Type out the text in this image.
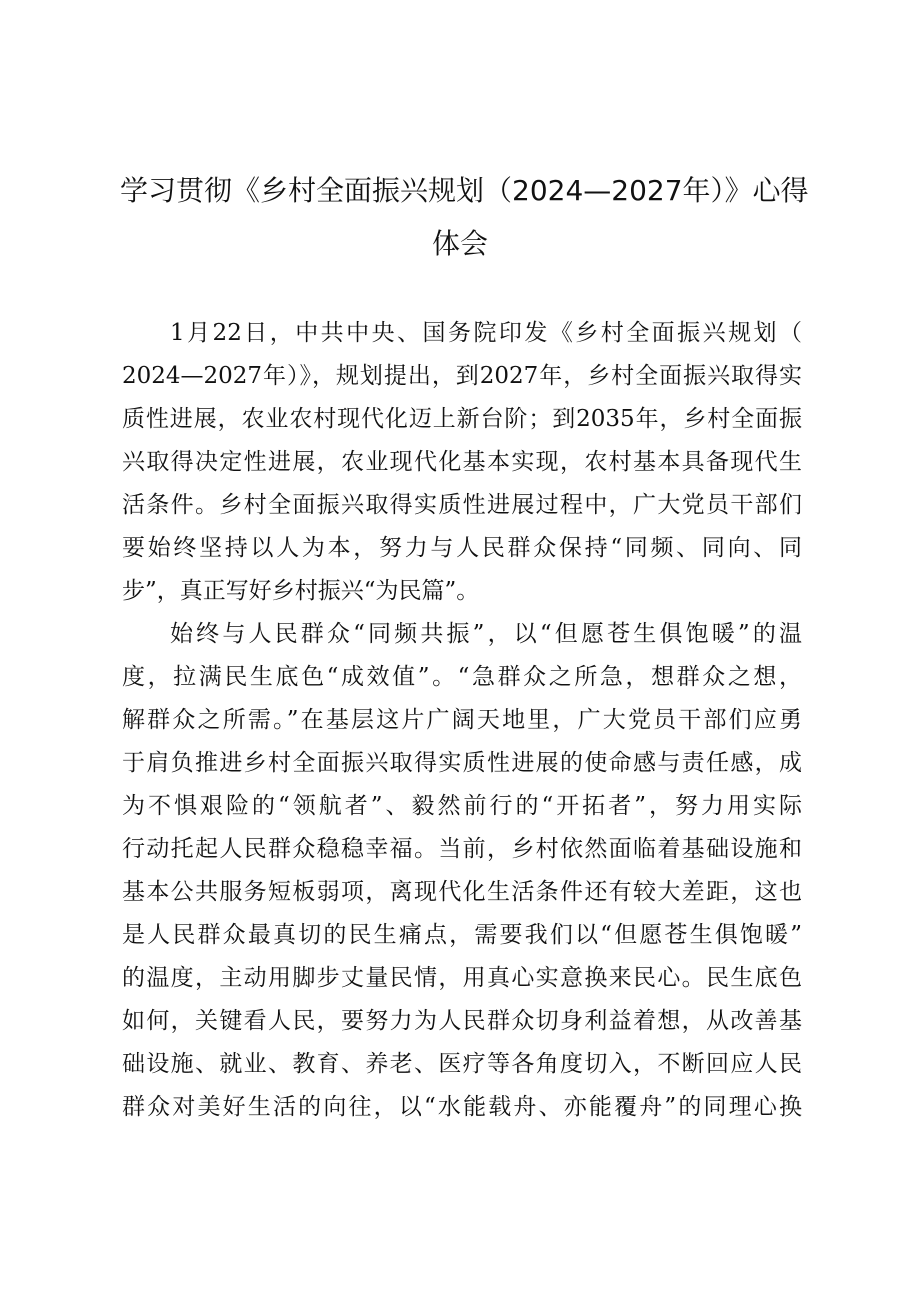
学习贯彻《乡村全面振兴规划（2024—2027年）》心得
体会
1月22日，中共中央、国务院印发《乡村全面振兴规划（
2024—2027年）》，规划提出，到2027年，乡村全面振兴取得实
质性进展，农业农村现代化迈上新台阶；到2035年，乡村全面振
兴取得决定性进展，农业现代化基本实现，农村基本具备现代生
活条件。乡村全面振兴取得实质性进展过程中，广大党员干部们
要始终坚持以人为本，努力与人民群众保持“同频、同向、同
步”，真正写好乡村振兴“为民篇”。
始终与人民群众“同频共振”，以“但愿苍生俱饱暖”的温
度，拉满民生底色“成效值”。“急群众之所急，想群众之想，
解群众之所需。”在基层这片广阔天地里，广大党员干部们应勇
于肩负推进乡村全面振兴取得实质性进展的使命感与责任感，成
为不惧艰险的“领航者”、毅然前行的“开拓者”，努力用实际
行动托起人民群众稳稳幸福。当前，乡村依然面临着基础设施和
基本公共服务短板弱项，离现代化生活条件还有较大差距，这也
是人民群众最真切的民生痛点，需要我们以“但愿苍生俱饱暖”
的温度，主动用脚步丈量民情，用真心实意换来民心。民生底色
如何，关键看人民，要努力为人民群众切身利益着想，从改善基
础设施、就业、教育、养老、医疗等各角度切入，不断回应人民
群众对美好生活的向往，以“水能载舟、亦能覆舟”的同理心换
